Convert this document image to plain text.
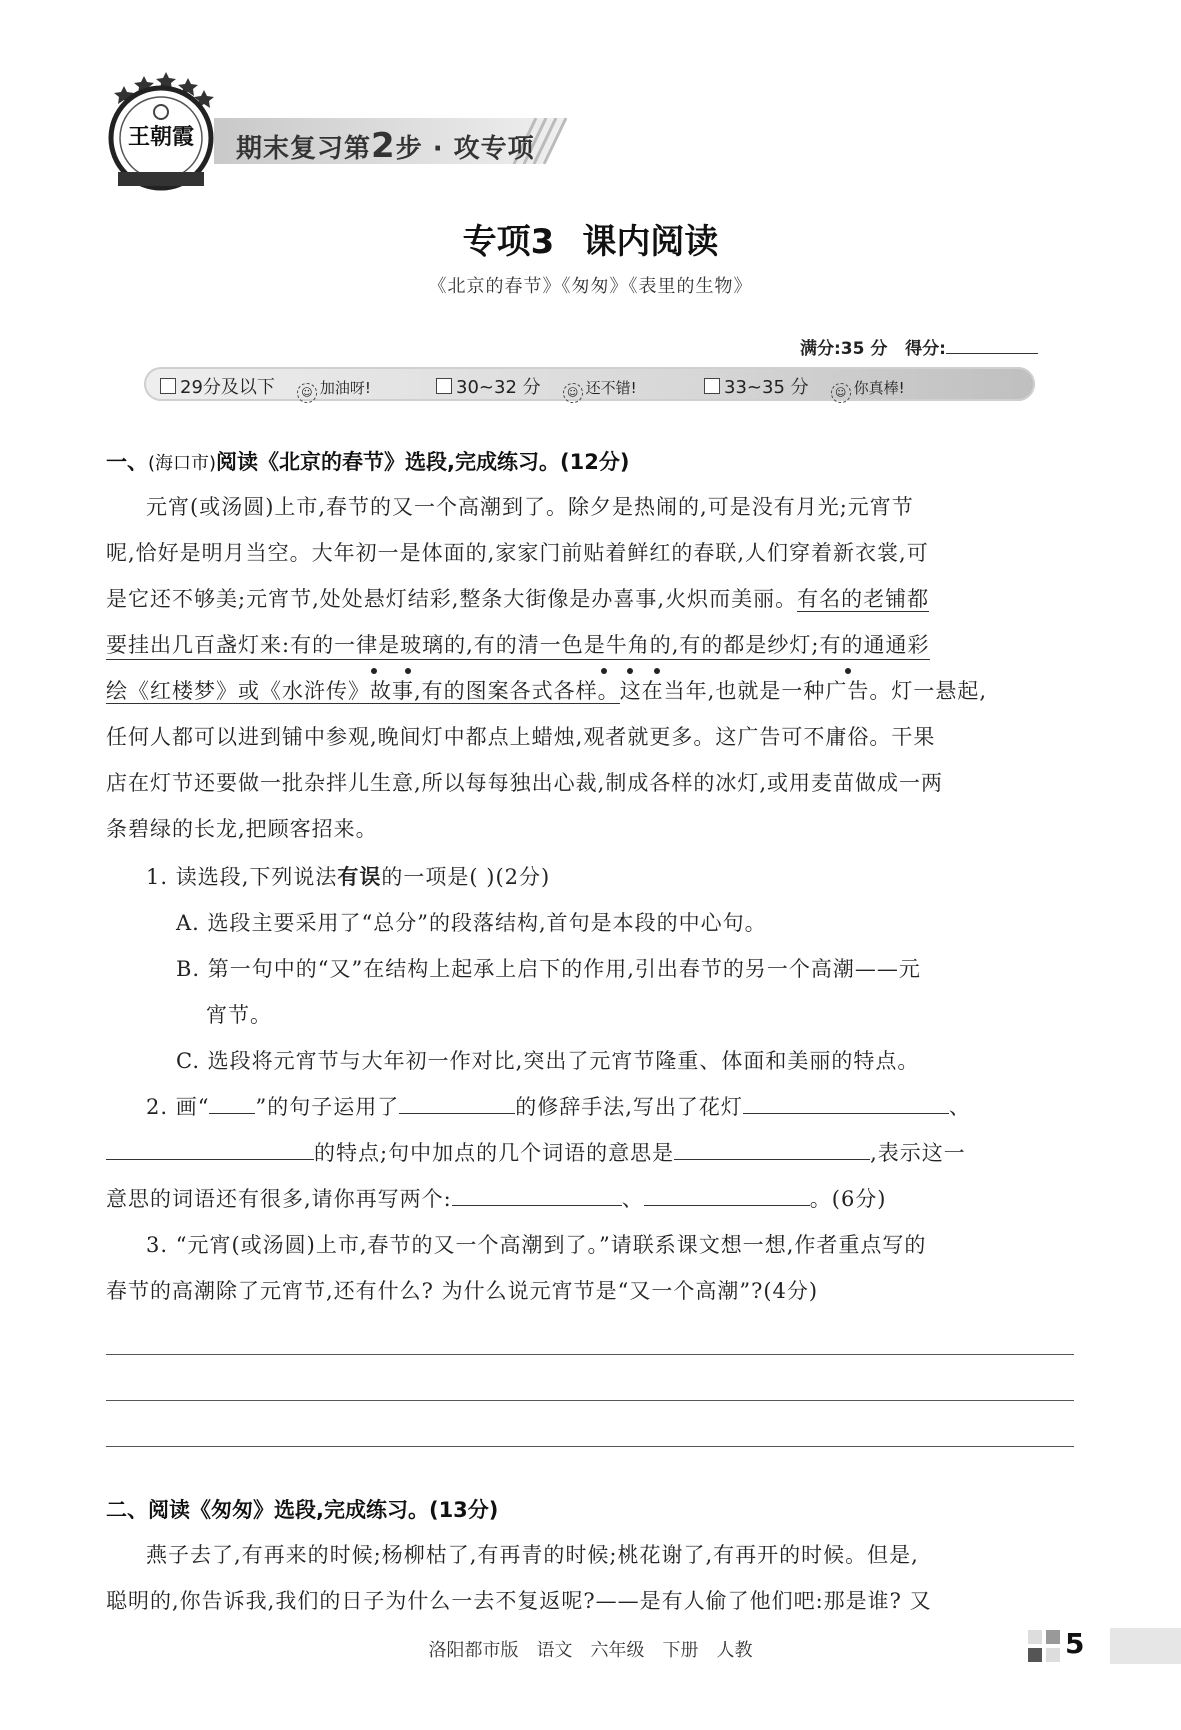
王朝霞 期末复习第2步 · 攻专项
专项3 课内阅读
《北京的春节》《匆匆》《表里的生物》
满分:35 分 得分:
29分及以下 ☺ 加油呀!	30~32 分 ☺ 还不错!	33~35 分 ☺ 你真棒!
一、(海口市)阅读《北京的春节》选段,完成练习。(12分)
元宵(或汤圆)上市,春节的又一个高潮到了。除夕是热闹的,可是没有月光;元宵节
呢,恰好是明月当空。大年初一是体面的,家家门前贴着鲜红的春联,人们穿着新衣裳,可
是它还不够美;元宵节,处处悬灯结彩,整条大街像是办喜事,火炽而美丽。有名的老铺都
要挂出几百盏灯来:有的一律是玻璃的,有的清一色是牛角的,有的都是纱灯;有的通通彩
绘《红楼梦》或《水浒传》故事,有的图案各式各样。这在当年,也就是一种广告。灯一悬起,
任何人都可以进到铺中参观,晚间灯中都点上蜡烛,观者就更多。这广告可不庸俗。干果
店在灯节还要做一批杂拌儿生意,所以每每独出心裁,制成各样的冰灯,或用麦苗做成一两
条碧绿的长龙,把顾客招来。
1. 读选段,下列说法有误的一项是( )(2分)
A. 选段主要采用了“总分”的段落结构,首句是本段的中心句。
B. 第一句中的“又”在结构上起承上启下的作用,引出春节的另一个高潮——元
宵节。
C. 选段将元宵节与大年初一作对比,突出了元宵节隆重、体面和美丽的特点。
2. 画“ ”的句子运用了	的修辞手法,写出了花灯	、
的特点;句中加点的几个词语的意思是	,表示这一
意思的词语还有很多,请你再写两个:	、	。(6分)
3. “元宵(或汤圆)上市,春节的又一个高潮到了。”请联系课文想一想,作者重点写的
春节的高潮除了元宵节,还有什么? 为什么说元宵节是“又一个高潮”?(4分)
二、阅读《匆匆》选段,完成练习。(13分)
燕子去了,有再来的时候;杨柳枯了,有再青的时候;桃花谢了,有再开的时候。但是,
聪明的,你告诉我,我们的日子为什么一去不复返呢?——是有人偷了他们吧:那是谁? 又
洛阳都市版 语文 六年级 下册 人教	5
